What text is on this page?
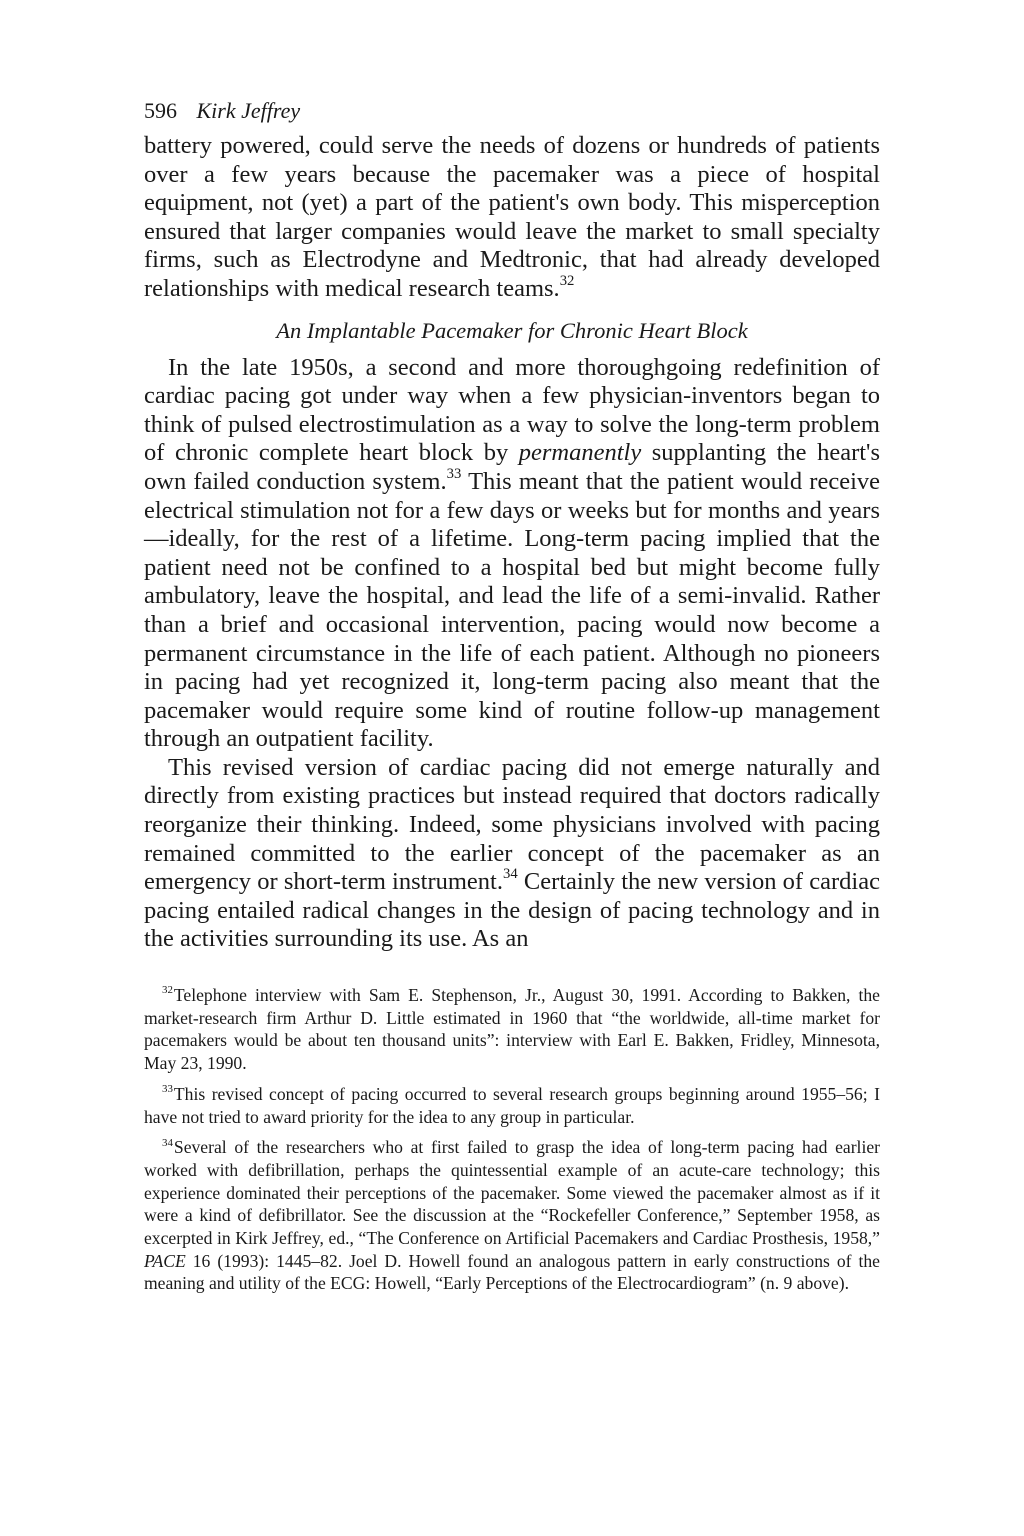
596 Kirk Jeffrey

battery powered, could serve the needs of dozens or hundreds of patients over a few years because the pacemaker was a piece of hospital equipment, not (yet) a part of the patient's own body. This misperception ensured that larger companies would leave the market to small specialty firms, such as Electrodyne and Medtronic, that had already developed relationships with medical research teams.$^{32}$

An Implantable Pacemaker for Chronic Heart Block

In the late 1950s, a second and more thoroughgoing redefinition of cardiac pacing got under way when a few physician-inventors began to think of pulsed electrostimulation as a way to solve the long-term problem of chronic complete heart block by permanently supplanting the heart's own failed conduction system.$^{33}$ This meant that the patient would receive electrical stimulation not for a few days or weeks but for months and years—ideally, for the rest of a lifetime. Long-term pacing implied that the patient need not be confined to a hospital bed but might become fully ambulatory, leave the hospital, and lead the life of a semi-invalid. Rather than a brief and occasional intervention, pacing would now become a permanent circumstance in the life of each patient. Although no pioneers in pacing had yet recognized it, long-term pacing also meant that the pacemaker would require some kind of routine follow-up management through an outpatient facility.

This revised version of cardiac pacing did not emerge naturally and directly from existing practices but instead required that doctors radically reorganize their thinking. Indeed, some physicians involved with pacing remained committed to the earlier concept of the pacemaker as an emergency or short-term instrument.$^{34}$ Certainly the new version of cardiac pacing entailed radical changes in the design of pacing technology and in the activities surrounding its use. As an

$^{32}$Telephone interview with Sam E. Stephenson, Jr., August 30, 1991. According to Bakken, the market-research firm Arthur D. Little estimated in 1960 that “the worldwide, all-time market for pacemakers would be about ten thousand units”: interview with Earl E. Bakken, Fridley, Minnesota, May 23, 1990.

$^{33}$This revised concept of pacing occurred to several research groups beginning around 1955–56; I have not tried to award priority for the idea to any group in particular.

$^{34}$Several of the researchers who at first failed to grasp the idea of long-term pacing had earlier worked with defibrillation, perhaps the quintessential example of an acute-care technology; this experience dominated their perceptions of the pacemaker. Some viewed the pacemaker almost as if it were a kind of defibrillator. See the discussion at the “Rockefeller Conference,” September 1958, as excerpted in Kirk Jeffrey, ed., “The Conference on Artificial Pacemakers and Cardiac Prosthesis, 1958,” PACE 16 (1993): 1445–82. Joel D. Howell found an analogous pattern in early constructions of the meaning and utility of the ECG: Howell, “Early Perceptions of the Electrocardiogram” (n. 9 above).
